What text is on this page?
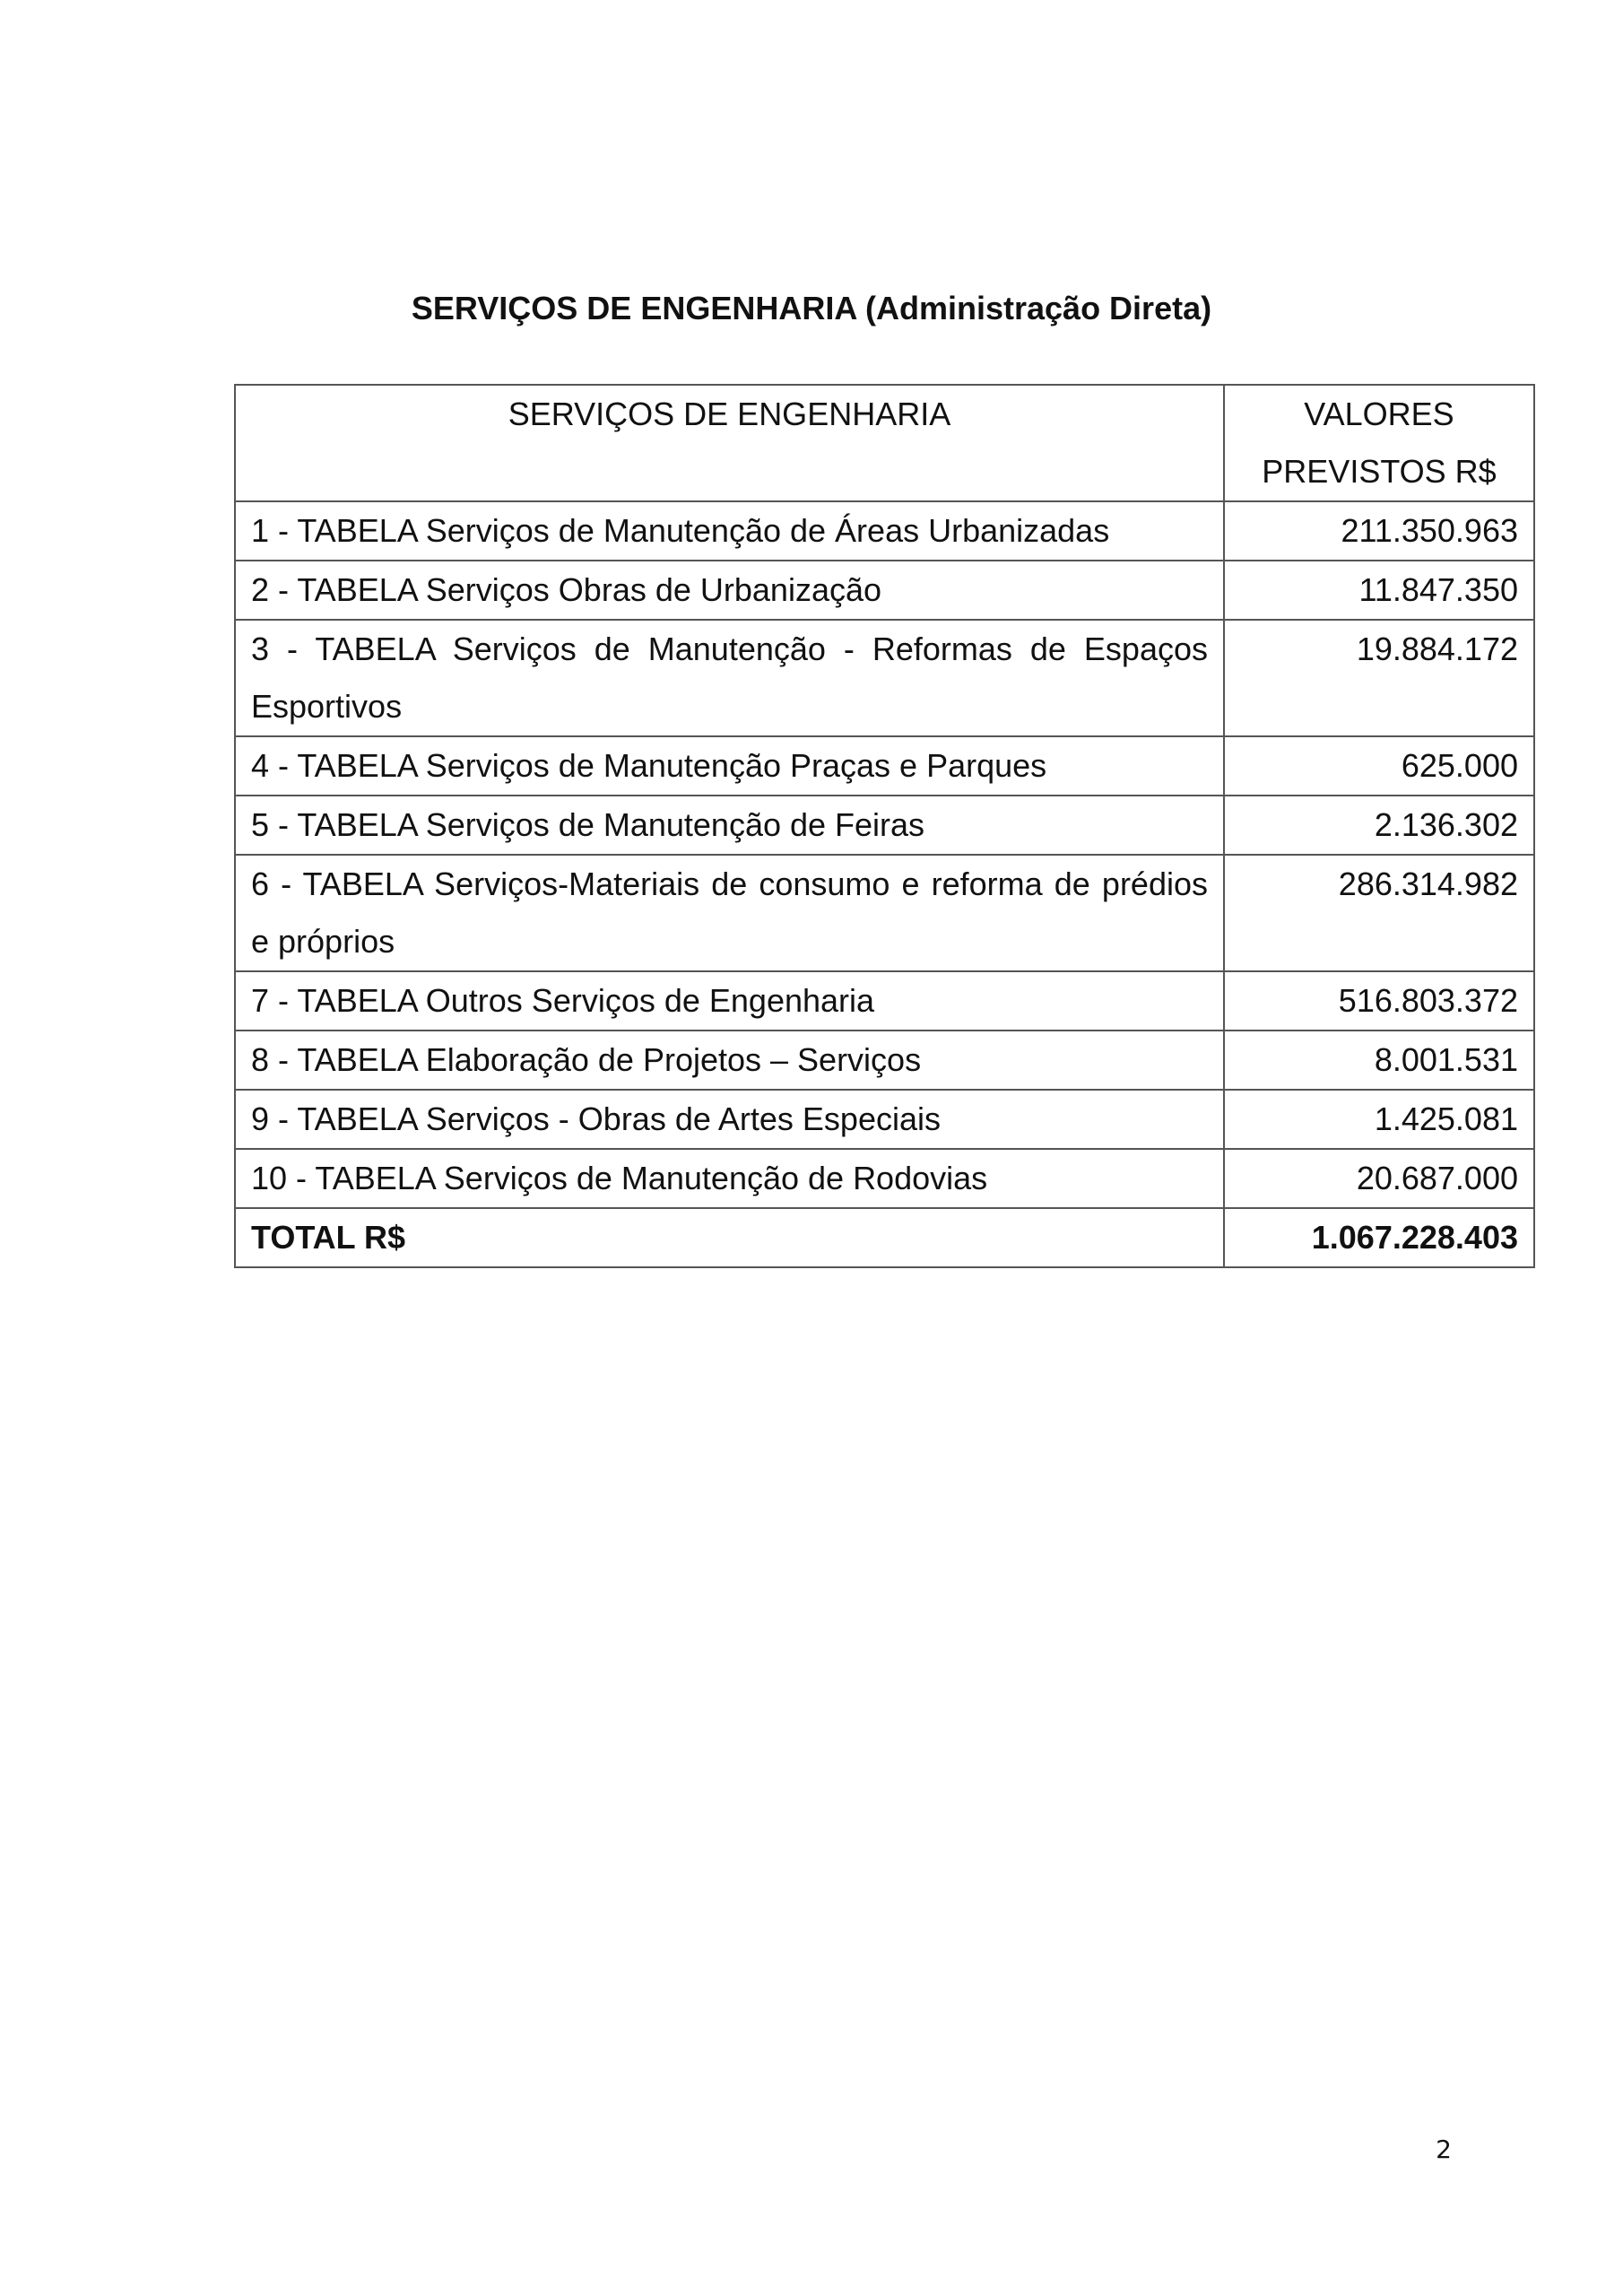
SERVIÇOS DE ENGENHARIA (Administração Direta)
SERVIÇOS DE ENGENHARIA	VALORES
PREVISTOS R$
1 - TABELA Serviços de Manutenção de Áreas Urbanizadas	211.350.963
2 - TABELA Serviços Obras de Urbanização	11.847.350
3 - TABELA Serviços de Manutenção - Reformas de Espaços Esportivos	19.884.172
4 - TABELA Serviços de Manutenção Praças e Parques	625.000
5 - TABELA Serviços de Manutenção de Feiras	2.136.302
6 - TABELA Serviços-Materiais de consumo e reforma de prédios e próprios	286.314.982
7 - TABELA Outros Serviços de Engenharia	516.803.372
8 - TABELA Elaboração de Projetos – Serviços	8.001.531
9 - TABELA Serviços - Obras de Artes Especiais	1.425.081
10 - TABELA Serviços de Manutenção de Rodovias	20.687.000
TOTAL R$	1.067.228.403
2
